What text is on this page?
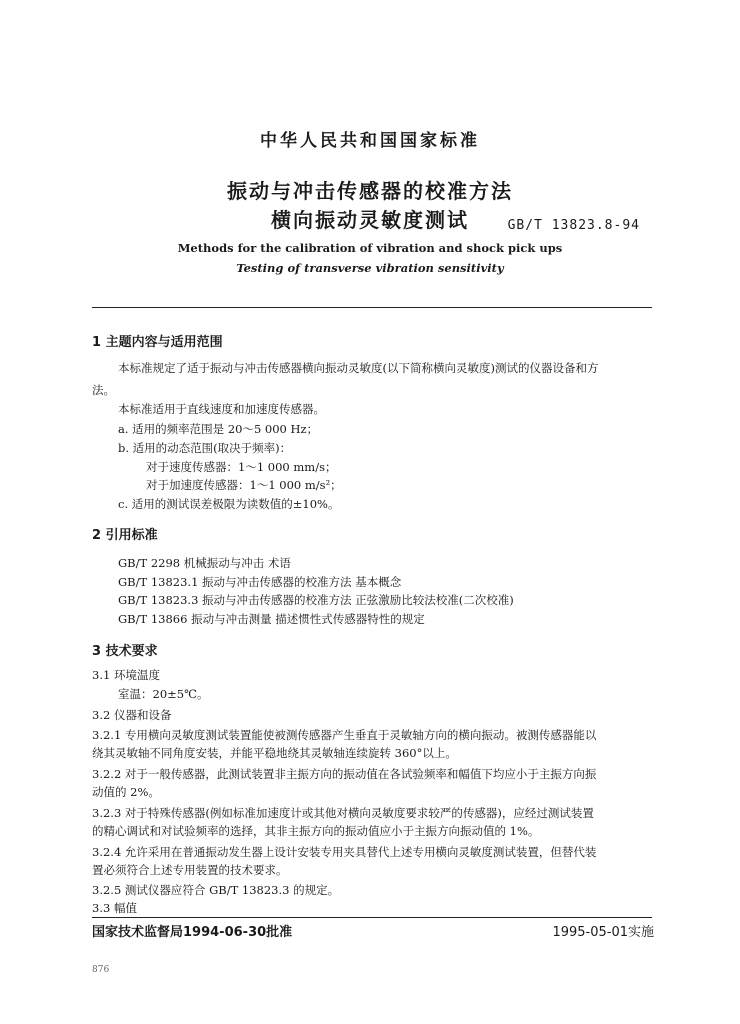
中华人民共和国国家标准
振动与冲击传感器的校准方法
横向振动灵敏度测试	GB/T 13823.8-94
Methods for the calibration of vibration and shock pick ups
Testing of transverse vibration sensitivity
1 主题内容与适用范围
本标准规定了适于振动与冲击传感器横向振动灵敏度(以下简称横向灵敏度)测试的仪器设备和方
法。
本标准适用于直线速度和加速度传感器。
a. 适用的频率范围是 20～5 000 Hz；
b. 适用的动态范围(取决于频率)：
对于速度传感器：1～1 000 mm/s；
对于加速度传感器：1～1 000 m/s²；
c. 适用的测试误差极限为读数值的±10%。
2 引用标准
GB/T 2298 机械振动与冲击 术语
GB/T 13823.1 振动与冲击传感器的校准方法 基本概念
GB/T 13823.3 振动与冲击传感器的校准方法 正弦激励比较法校准(二次校准)
GB/T 13866 振动与冲击测量 描述惯性式传感器特性的规定
3 技术要求
3.1 环境温度
室温：20±5℃。
3.2 仪器和设备
3.2.1 专用横向灵敏度测试装置能使被测传感器产生垂直于灵敏轴方向的横向振动。被测传感器能以
绕其灵敏轴不同角度安装，并能平稳地绕其灵敏轴连续旋转 360°以上。
3.2.2 对于一般传感器，此测试装置非主振方向的振动值在各试验频率和幅值下均应小于主振方向振
动值的 2%。
3.2.3 对于特殊传感器(例如标准加速度计或其他对横向灵敏度要求较严的传感器)，应经过测试装置
的精心调试和对试验频率的选择，其非主振方向的振动值应小于主振方向振动值的 1%。
3.2.4 允许采用在普通振动发生器上设计安装专用夹具替代上述专用横向灵敏度测试装置，但替代装
置必须符合上述专用装置的技术要求。
3.2.5 测试仪器应符合 GB/T 13823.3 的规定。
3.3 幅值
国家技术监督局1994-06-30批准	1995-05-01实施
876
